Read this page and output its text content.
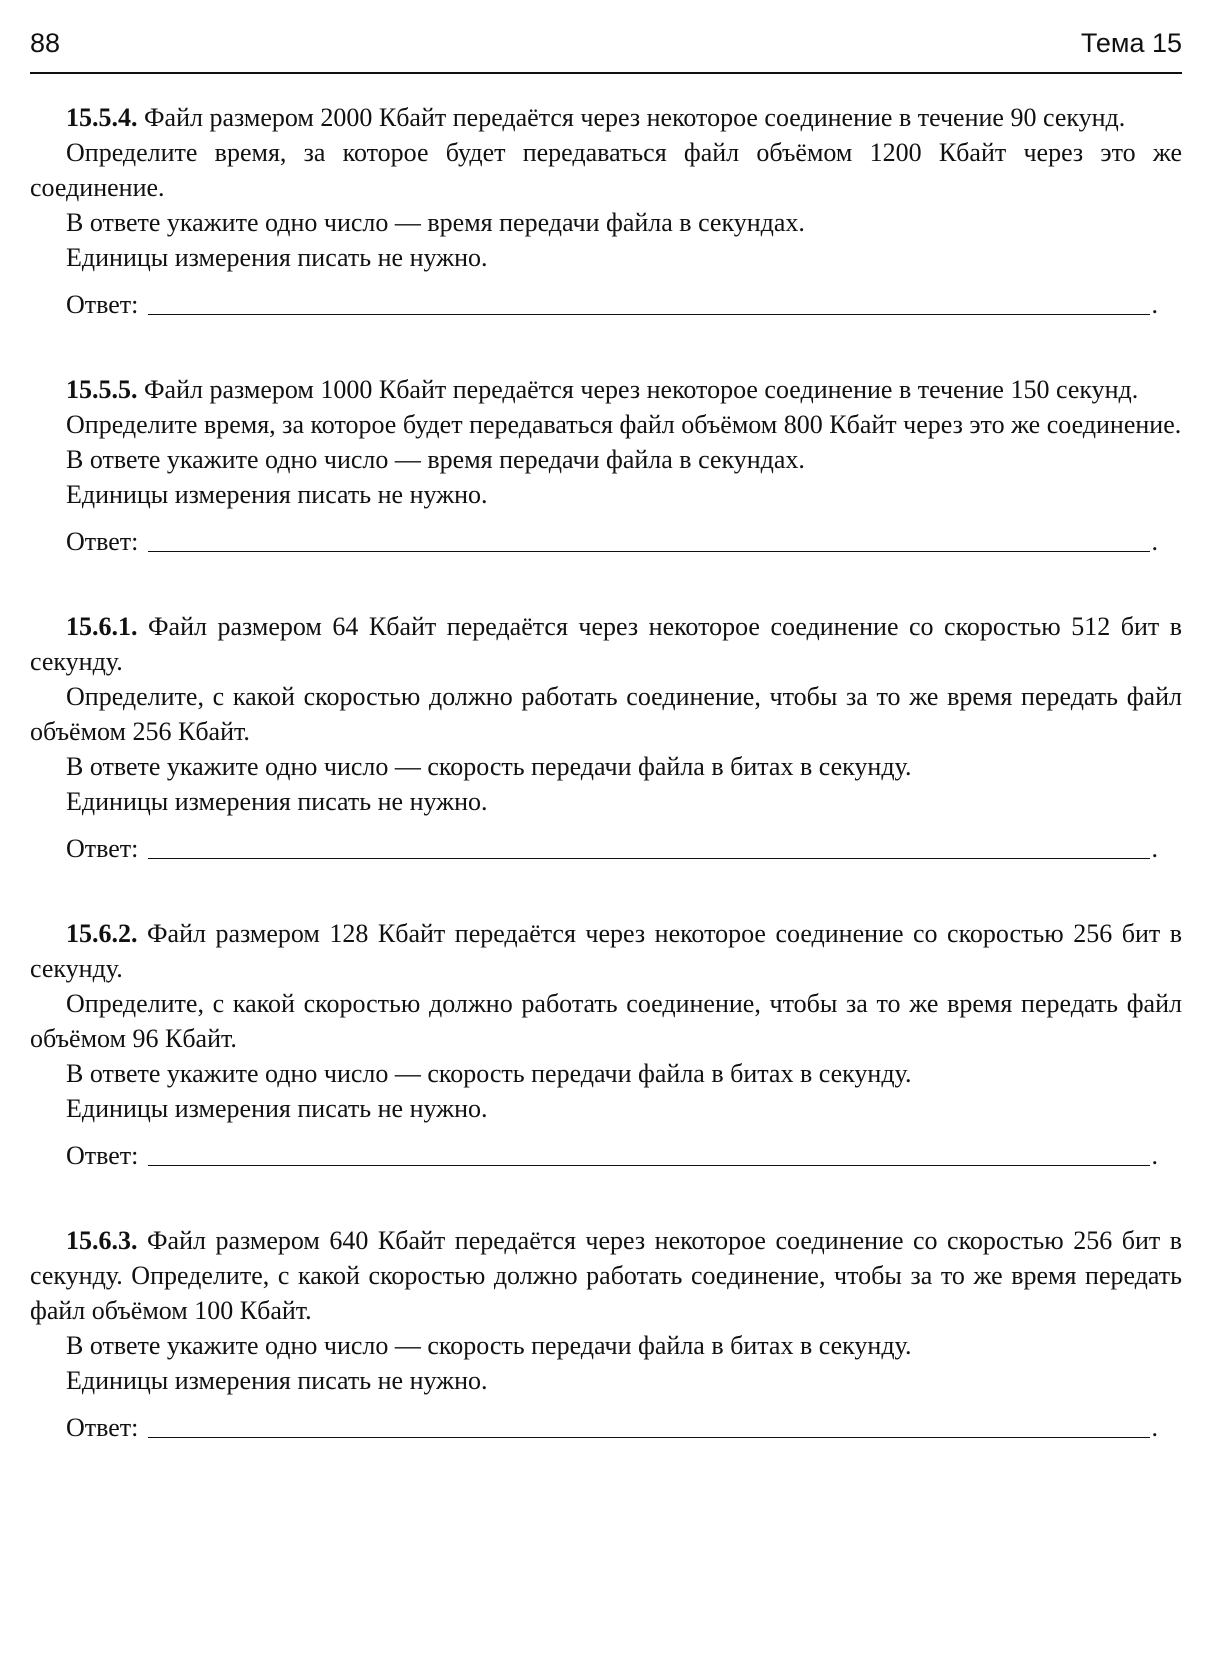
88	Тема 15

15.5.4. Файл размером 2000 Кбайт передаётся через некоторое соединение в течение 90 секунд.

Определите время, за которое будет передаваться файл объёмом 1200 Кбайт через это же соединение.

В ответе укажите одно число — время передачи файла в секундах.

Единицы измерения писать не нужно.

Ответ:	.

15.5.5. Файл размером 1000 Кбайт передаётся через некоторое соединение в течение 150 секунд.

Определите время, за которое будет передаваться файл объёмом 800 Кбайт через это же соединение.

В ответе укажите одно число — время передачи файла в секундах.

Единицы измерения писать не нужно.

Ответ:	.

15.6.1. Файл размером 64 Кбайт передаётся через некоторое соединение со скоростью 512 бит в секунду.

Определите, с какой скоростью должно работать соединение, чтобы за то же время передать файл объёмом 256 Кбайт.

В ответе укажите одно число — скорость передачи файла в битах в секунду.

Единицы измерения писать не нужно.

Ответ:	.

15.6.2. Файл размером 128 Кбайт передаётся через некоторое соединение со скоростью 256 бит в секунду.

Определите, с какой скоростью должно работать соединение, чтобы за то же время передать файл объёмом 96 Кбайт.

В ответе укажите одно число — скорость передачи файла в битах в секунду.

Единицы измерения писать не нужно.

Ответ:	.

15.6.3. Файл размером 640 Кбайт передаётся через некоторое соединение со скоростью 256 бит в секунду. Определите, с какой скоростью должно работать соединение, чтобы за то же время передать файл объёмом 100 Кбайт.

В ответе укажите одно число — скорость передачи файла в битах в секунду.

Единицы измерения писать не нужно.

Ответ:	.
